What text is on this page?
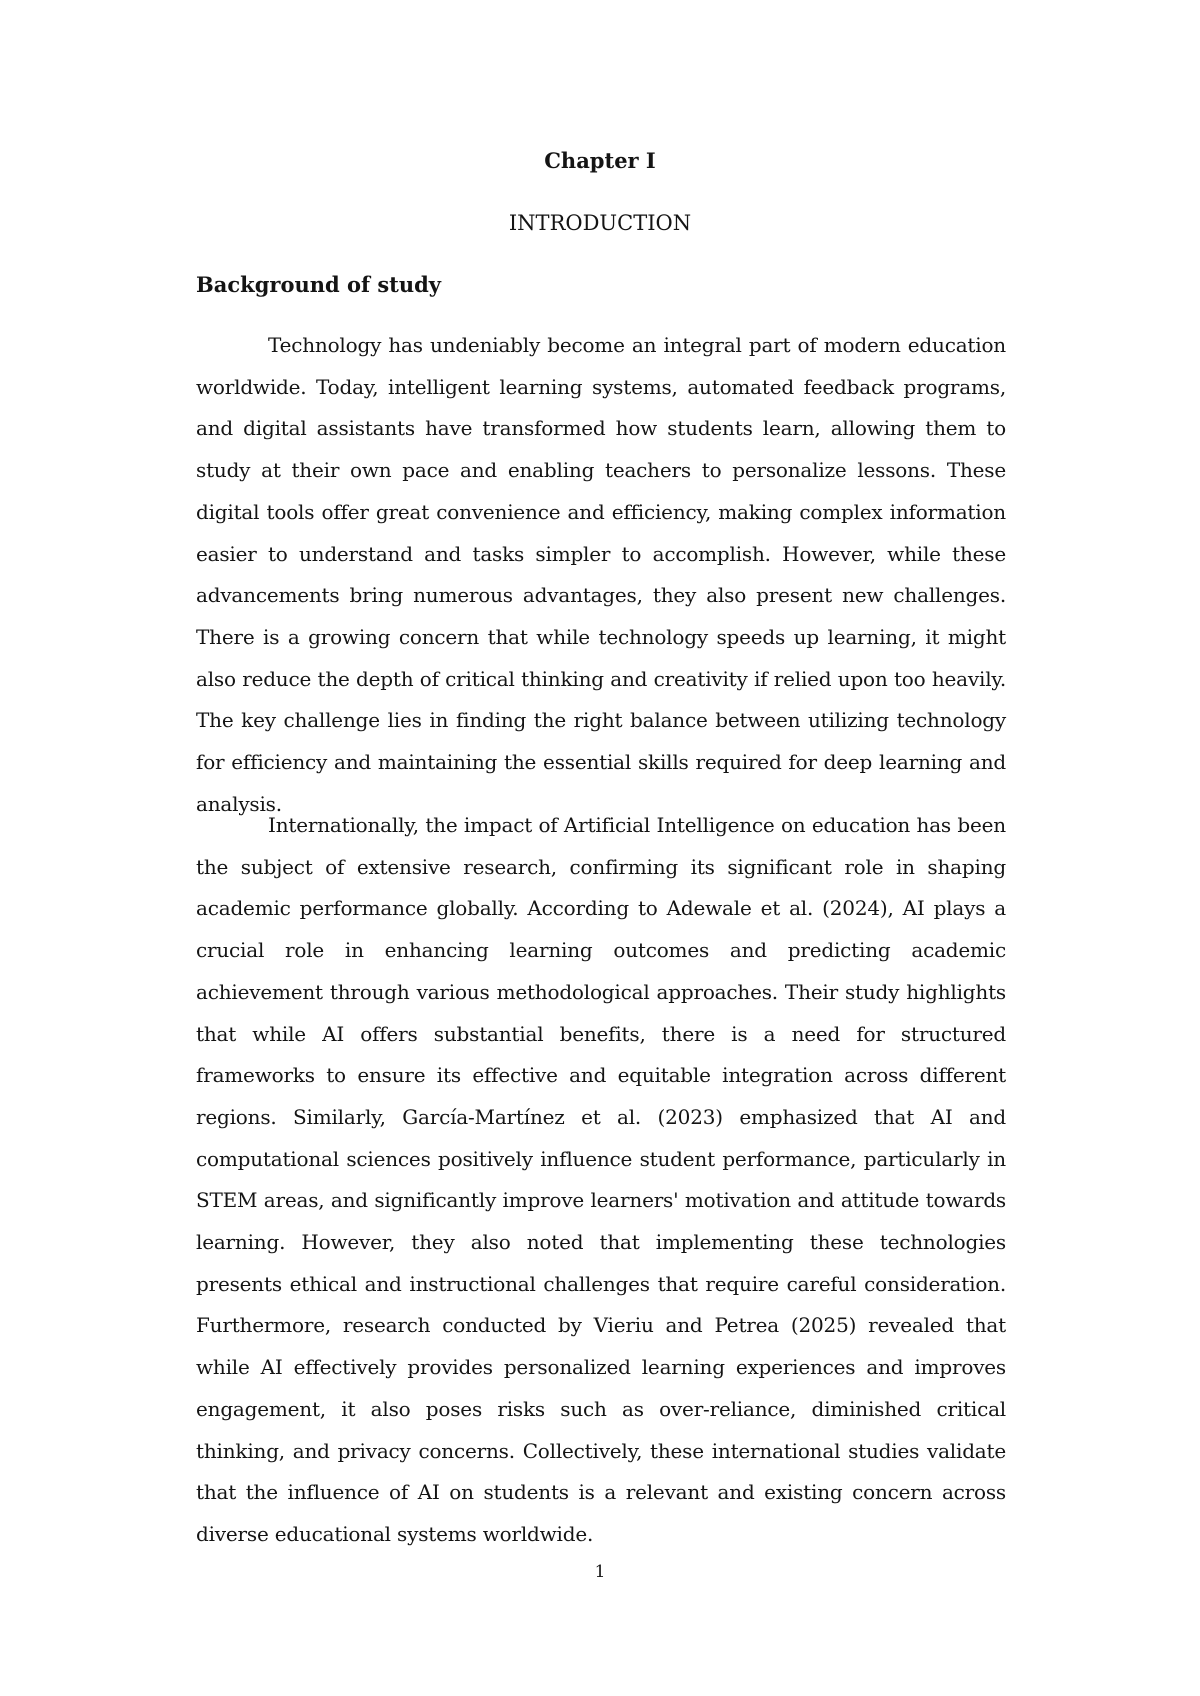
Chapter I
INTRODUCTION
Background of study

Technology has undeniably become an integral part of modern education worldwide. Today, intelligent learning systems, automated feedback programs, and digital assistants have transformed how students learn, allowing them to study at their own pace and enabling teachers to personalize lessons. These digital tools offer great convenience and efficiency, making complex information easier to understand and tasks simpler to accomplish. However, while these advancements bring numerous advantages, they also present new challenges. There is a growing concern that while technology speeds up learning, it might also reduce the depth of critical thinking and creativity if relied upon too heavily. The key challenge lies in finding the right balance between utilizing technology for efficiency and maintaining the essential skills required for deep learning and analysis.

Internationally, the impact of Artificial Intelligence on education has been the subject of extensive research, confirming its significant role in shaping academic performance globally. According to Adewale et al. (2024), AI plays a crucial role in enhancing learning outcomes and predicting academic achievement through various methodological approaches. Their study highlights that while AI offers substantial benefits, there is a need for structured frameworks to ensure its effective and equitable integration across different regions. Similarly, García-Martínez et al. (2023) emphasized that AI and computational sciences positively influence student performance, particularly in STEM areas, and significantly improve learners' motivation and attitude towards learning. However, they also noted that implementing these technologies presents ethical and instructional challenges that require careful consideration. Furthermore, research conducted by Vieriu and Petrea (2025) revealed that while AI effectively provides personalized learning experiences and improves engagement, it also poses risks such as over-reliance, diminished critical thinking, and privacy concerns. Collectively, these international studies validate that the influence of AI on students is a relevant and existing concern across diverse educational systems worldwide.

1
